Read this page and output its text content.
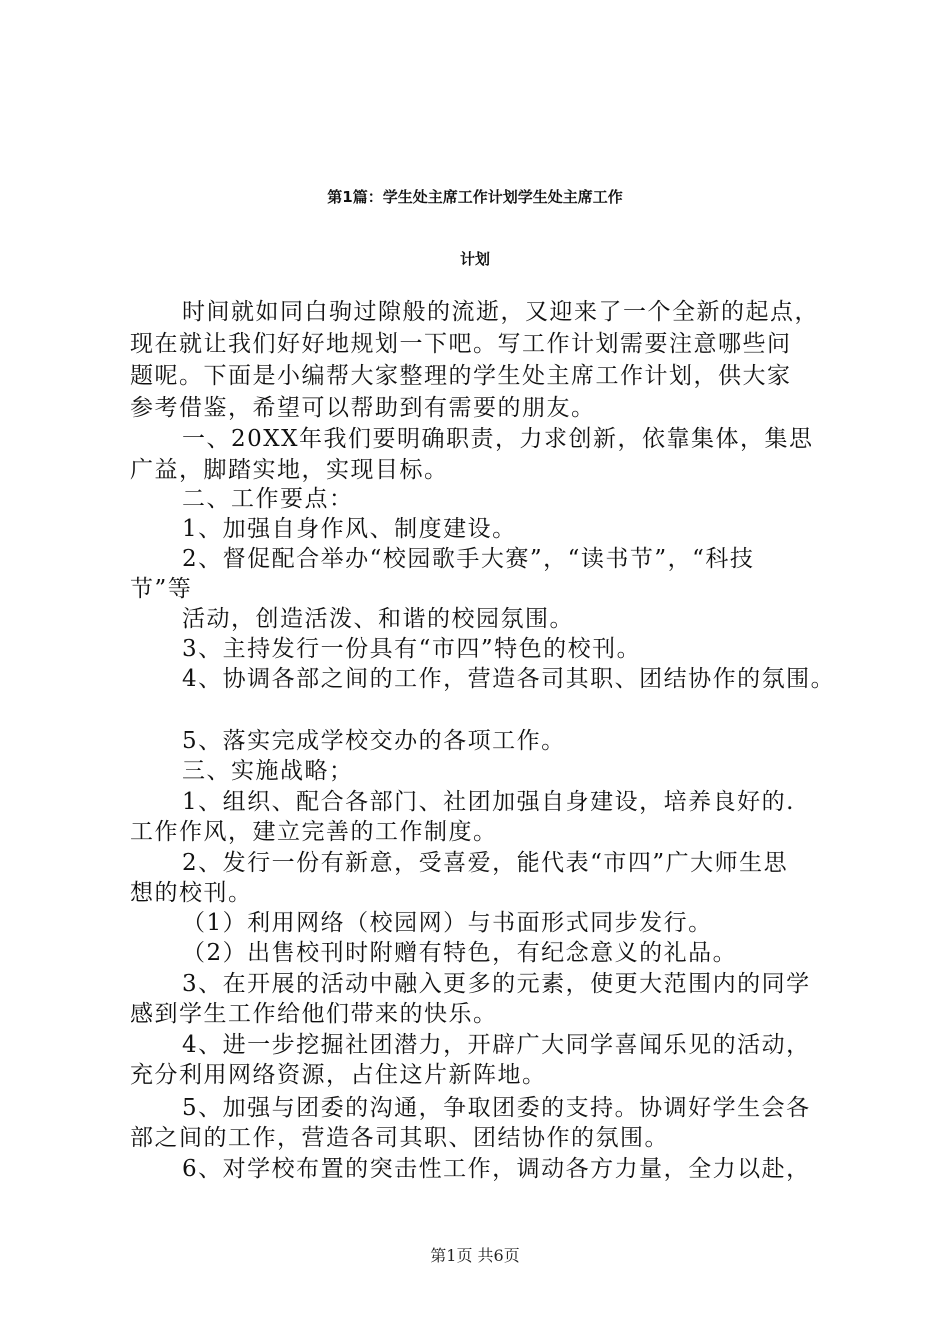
第1篇：学生处主席工作计划学生处主席工作
计划
时间就如同白驹过隙般的流逝，又迎来了一个全新的起点，
现在就让我们好好地规划一下吧。写工作计划需要注意哪些问
题呢。下面是小编帮大家整理的学生处主席工作计划，供大家
参考借鉴，希望可以帮助到有需要的朋友。
一、20XX年我们要明确职责，力求创新，依靠集体，集思
广益，脚踏实地，实现目标。
二、工作要点：
1、加强自身作风、制度建设。
2、督促配合举办“校园歌手大赛”，“读书节”，“科技
节”等
活动，创造活泼、和谐的校园氛围。
3、主持发行一份具有“市四”特色的校刊。
4、协调各部之间的工作，营造各司其职、团结协作的氛围。
5、落实完成学校交办的各项工作。
三、实施战略；
1、组织、配合各部门、社团加强自身建设，培养良好的.
工作作风，建立完善的工作制度。
2、发行一份有新意，受喜爱，能代表“市四”广大师生思
想的校刊。
（1）利用网络（校园网）与书面形式同步发行。
（2）出售校刊时附赠有特色，有纪念意义的礼品。
3、在开展的活动中融入更多的元素，使更大范围内的同学
感到学生工作给他们带来的快乐。
4、进一步挖掘社团潜力，开辟广大同学喜闻乐见的活动，
充分利用网络资源，占住这片新阵地。
5、加强与团委的沟通，争取团委的支持。协调好学生会各
部之间的工作，营造各司其职、团结协作的氛围。
6、对学校布置的突击性工作，调动各方力量，全力以赴，
第1页 共6页
